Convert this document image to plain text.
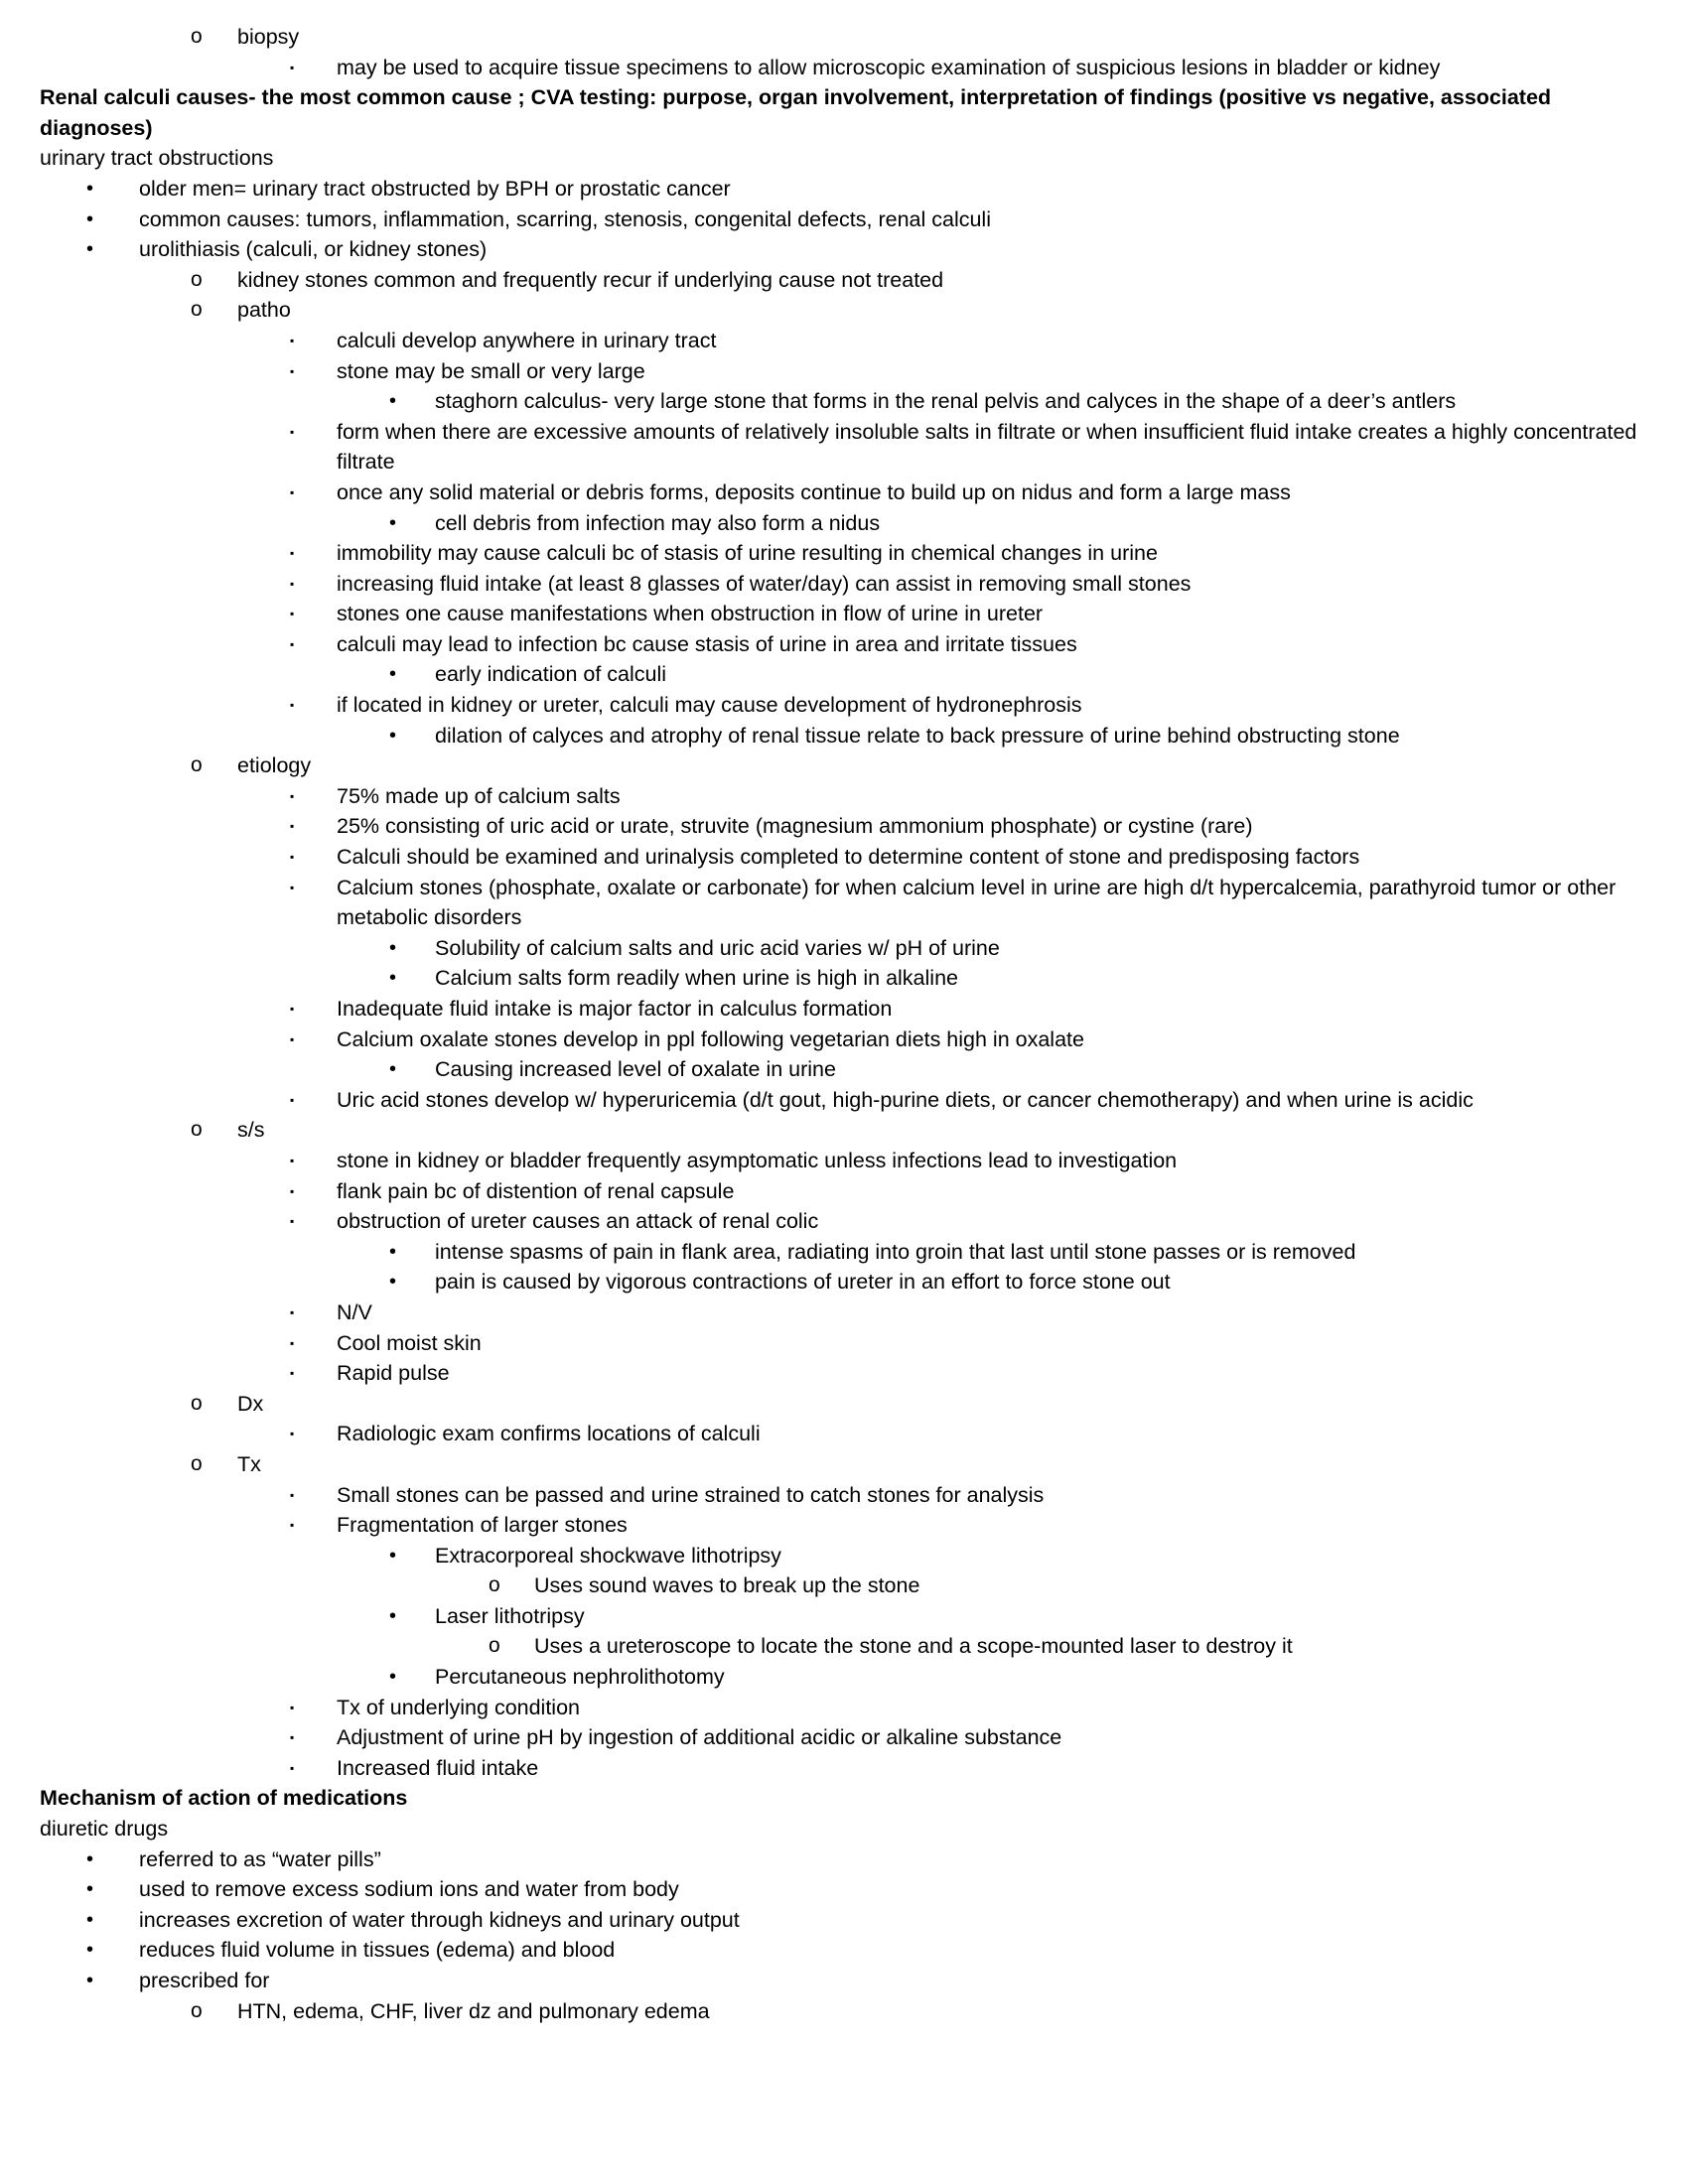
o	biopsy
▪	may be used to acquire tissue specimens to allow microscopic examination of suspicious lesions in bladder or kidney
Renal calculi causes- the most common cause ; CVA testing: purpose, organ involvement, interpretation of findings (positive vs negative, associated diagnoses)
urinary tract obstructions
•	older men= urinary tract obstructed by BPH or prostatic cancer
•	common causes: tumors, inflammation, scarring, stenosis, congenital defects, renal calculi
•	urolithiasis (calculi, or kidney stones)
o	kidney stones common and frequently recur if underlying cause not treated
o	patho
▪	calculi develop anywhere in urinary tract
▪	stone may be small or very large
•	staghorn calculus- very large stone that forms in the renal pelvis and calyces in the shape of a deer’s antlers
▪	form when there are excessive amounts of relatively insoluble salts in filtrate or when insufficient fluid intake creates a highly concentrated filtrate
▪	once any solid material or debris forms, deposits continue to build up on nidus and form a large mass
•	cell debris from infection may also form a nidus
▪	immobility may cause calculi bc of stasis of urine resulting in chemical changes in urine
▪	increasing fluid intake (at least 8 glasses of water/day) can assist in removing small stones
▪	stones one cause manifestations when obstruction in flow of urine in ureter
▪	calculi may lead to infection bc cause stasis of urine in area and irritate tissues
•	early indication of calculi
▪	if located in kidney or ureter, calculi may cause development of hydronephrosis
•	dilation of calyces and atrophy of renal tissue relate to back pressure of urine behind obstructing stone
o	etiology
▪	75% made up of calcium salts
▪	25% consisting of uric acid or urate, struvite (magnesium ammonium phosphate) or cystine (rare)
▪	Calculi should be examined and urinalysis completed to determine content of stone and predisposing factors
▪	Calcium stones (phosphate, oxalate or carbonate) for when calcium level in urine are high d/t hypercalcemia, parathyroid tumor or other metabolic disorders
•	Solubility of calcium salts and uric acid varies w/ pH of urine
•	Calcium salts form readily when urine is high in alkaline
▪	Inadequate fluid intake is major factor in calculus formation
▪	Calcium oxalate stones develop in ppl following vegetarian diets high in oxalate
•	Causing increased level of oxalate in urine
▪	Uric acid stones develop w/ hyperuricemia (d/t gout, high-purine diets, or cancer chemotherapy) and when urine is acidic
o	s/s
▪	stone in kidney or bladder frequently asymptomatic unless infections lead to investigation
▪	flank pain bc of distention of renal capsule
▪	obstruction of ureter causes an attack of renal colic
•	intense spasms of pain in flank area, radiating into groin that last until stone passes or is removed
•	pain is caused by vigorous contractions of ureter in an effort to force stone out
▪	N/V
▪	Cool moist skin
▪	Rapid pulse
o	Dx
▪	Radiologic exam confirms locations of calculi
o	Tx
▪	Small stones can be passed and urine strained to catch stones for analysis
▪	Fragmentation of larger stones
•	Extracorporeal shockwave lithotripsy
o	Uses sound waves to break up the stone
•	Laser lithotripsy
o	Uses a ureteroscope to locate the stone and a scope-mounted laser to destroy it
•	Percutaneous nephrolithotomy
▪	Tx of underlying condition
▪	Adjustment of urine pH by ingestion of additional acidic or alkaline substance
▪	Increased fluid intake
Mechanism of action of medications
diuretic drugs
•	referred to as “water pills”
•	used to remove excess sodium ions and water from body
•	increases excretion of water through kidneys and urinary output
•	reduces fluid volume in tissues (edema) and blood
•	prescribed for
o	HTN, edema, CHF, liver dz and pulmonary edema
